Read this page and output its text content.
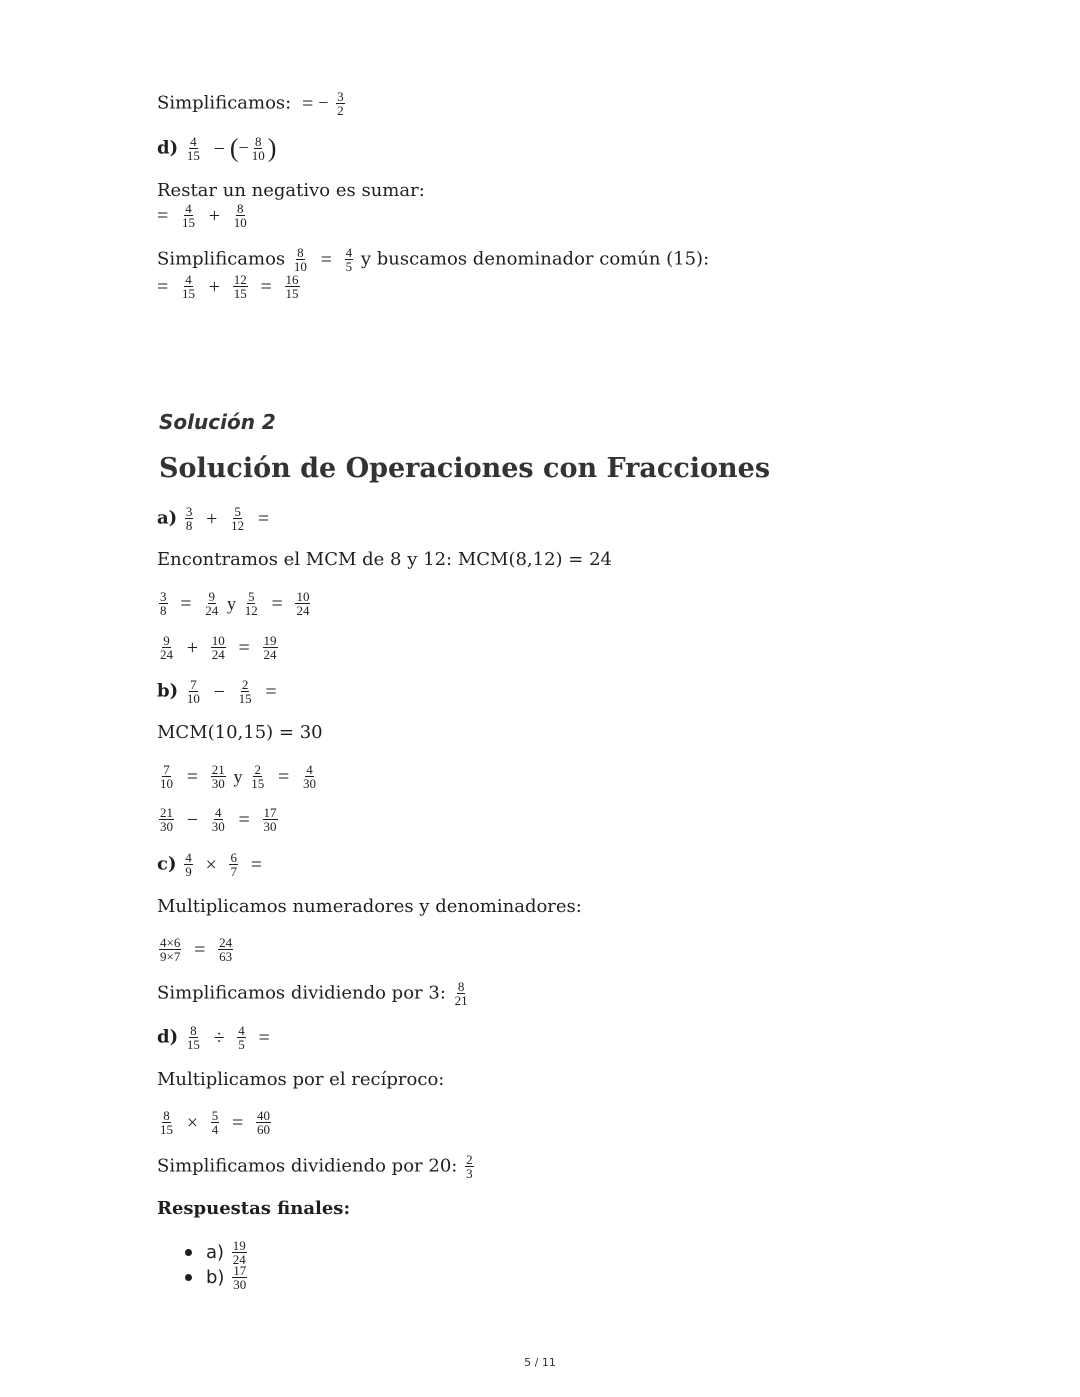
Simplificamos: = − $\frac{3}{2}$
$d) \frac{4}{15}$ − (− $\frac{8}{10}$ )
Restar un negativo es sumar:
= $\frac{4}{15} + \frac{8}{10}$
Simplificamos $\frac{8}{10} = \frac{4}{5}$ y buscamos denominador común (15):
= $\frac{4}{15} + \frac{12}{15} = \frac{16}{15}$
Solución 2
Solución de Operaciones con Fracciones
$a) \frac{3}{8} + \frac{5}{12}$ =
Encontramos el MCM de 8 y 12: MCM(8,12) = 24
$\frac{3}{8} = \frac{9}{24}$ y $\frac{5}{12} = \frac{10}{24}$
$\frac{9}{24} + \frac{10}{24} = \frac{19}{24}$
$b) \frac{7}{10} - \frac{2}{15}$ =
MCM(10,15) = 30
$\frac{7}{10} = \frac{21}{30}$ y $\frac{2}{15} = \frac{4}{30}$
$\frac{21}{30} - \frac{4}{30} = \frac{17}{30}$
$c) \frac{4}{9} \times \frac{6}{7}$ =
Multiplicamos numeradores y denominadores:
$\frac{4\times 6}{9\times 7} = \frac{24}{63}$
Simplificamos dividiendo por 3: $\frac{8}{21}$
$d) \frac{8}{15} \div \frac{4}{5}$ =
Multiplicamos por el recíproco:
$\frac{8}{15} \times \frac{5}{4} = \frac{40}{60}$
Simplificamos dividiendo por 20: $\frac{2}{3}$
Respuestas finales:
$a) \frac{19}{24}$
$b) \frac{17}{30}$
5 / 11
